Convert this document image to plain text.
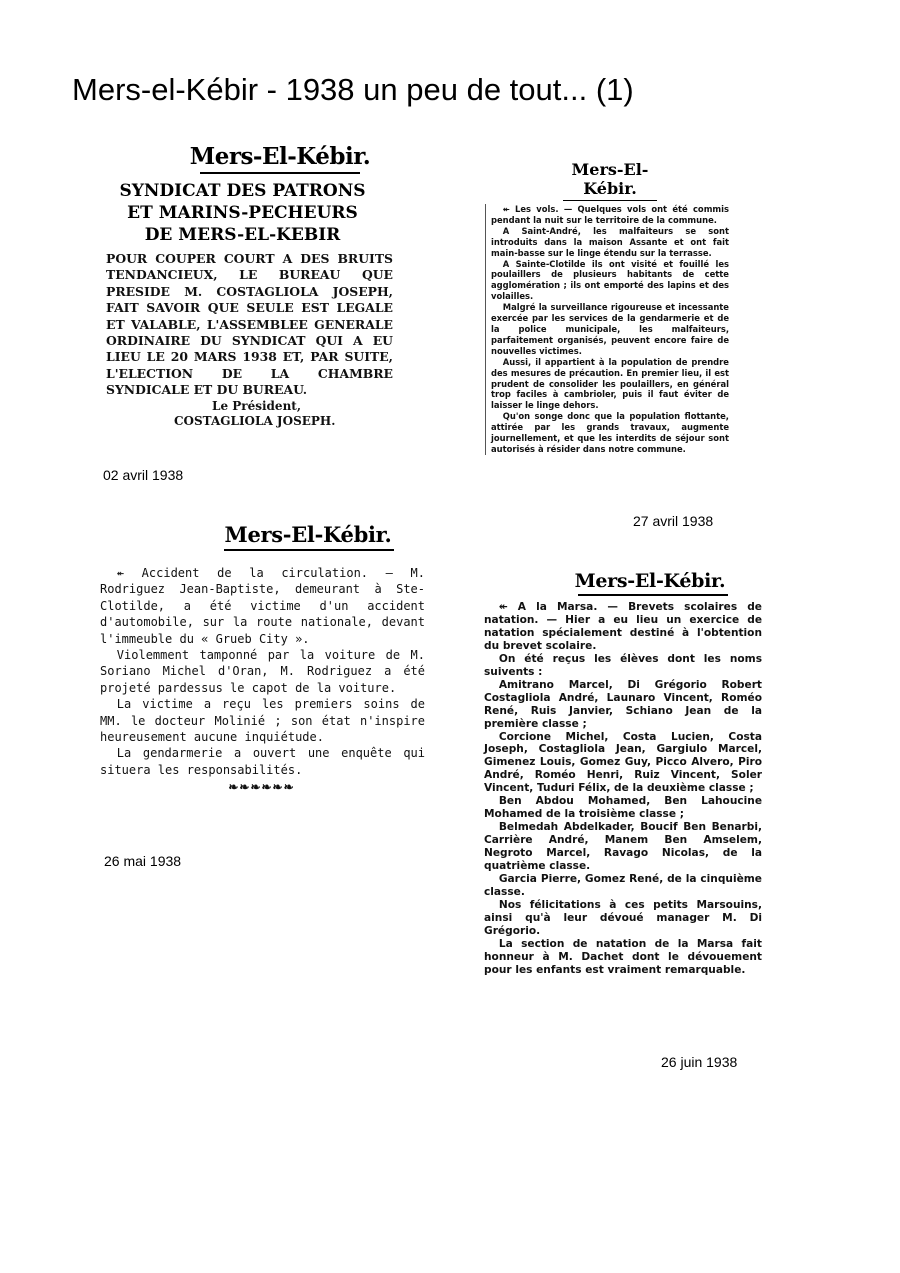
Mers-el-Kébir - 1938 un peu de tout... (1)
Mers-El-Kébir.
SYNDICAT DES PATRONS
ET MARINS-PECHEURS
DE MERS-EL-KEBIR

POUR COUPER COURT A DES BRUITS TENDANCIEUX, LE BUREAU QUE PRESIDE M. COSTAGLIOLA JOSEPH, FAIT SAVOIR QUE SEULE EST LEGALE ET VALABLE, L'ASSEMBLEE GENERALE ORDINAIRE DU SYNDICAT QUI A EU LIEU LE 20 MARS 1938 ET, PAR SUITE, L'ELECTION DE LA CHAMBRE SYNDICALE ET DU BUREAU.

Le Président,
COSTAGLIOLA JOSEPH.
02 avril 1938
Mers-El-Kébir.

↞ Les vols. — Quelques vols ont été commis pendant la nuit sur le territoire de la commune.

A Saint-André, les malfaiteurs se sont introduits dans la maison Assante et ont fait main-basse sur le linge étendu sur la terrasse.

A Sainte-Clotilde ils ont visité et fouillé les poulaillers de plusieurs habitants de cette agglomération ; ils ont emporté des lapins et des volailles.

Malgré la surveillance rigoureuse et incessante exercée par les services de la gendarmerie et de la police municipale, les malfaiteurs, parfaitement organisés, peuvent encore faire de nouvelles victimes.

Aussi, il appartient à la population de prendre des mesures de précaution. En premier lieu, il est prudent de consolider les poulaillers, en général trop faciles à cambrioler, puis il faut éviter de laisser le linge dehors.

Qu'on songe donc que la population flottante, attirée par les grands travaux, augmente journellement, et que les interdits de séjour sont autorisés à résider dans notre commune.

27 avril 1938
Mers-El-Kébir.

↞ Accident de la circulation. — M. Rodriguez Jean-Baptiste, demeurant à Ste-Clotilde, a été victime d'un accident d'automobile, sur la route nationale, devant l'immeuble du « Grueb City ».

Violemment tamponné par la voiture de M. Soriano Michel d'Oran, M. Rodriguez a été projeté pardessus le capot de la voiture.

La victime a reçu les premiers soins de MM. le docteur Molinié ; son état n'inspire heureusement aucune inquiétude.

La gendarmerie a ouvert une enquête qui situera les responsabilités.

❧❧❧❧❧❧
26 mai 1938
Mers-El-Kébir.

↞ A la Marsa. — Brevets scolaires de natation. — Hier a eu lieu un exercice de natation spécialement destiné à l'obtention du brevet scolaire.

On été reçus les élèves dont les noms suivents :

Amitrano Marcel, Di Grégorio Robert Costagliola André, Launaro Vincent, Roméo René, Ruis Janvier, Schiano Jean de la première classe ;

Corcione Michel, Costa Lucien, Costa Joseph, Costagliola Jean, Gargiulo Marcel, Gimenez Louis, Gomez Guy, Picco Alvero, Piro André, Roméo Henri, Ruiz Vincent, Soler Vincent, Tuduri Félix, de la deuxième classe ;

Ben Abdou Mohamed, Ben Lahoucine Mohamed de la troisième classe ;

Belmedah Abdelkader, Boucif Ben Benarbi, Carrière André, Manem Ben Amselem, Negroto Marcel, Ravago Nicolas, de la quatrième classe.

Garcia Pierre, Gomez René, de la cinquième classe.

Nos félicitations à ces petits Marsouins, ainsi qu'à leur dévoué manager M. Di Grégorio.

La section de natation de la Marsa fait honneur à M. Dachet dont le dévouement pour les enfants est vraiment remarquable.

26 juin 1938
